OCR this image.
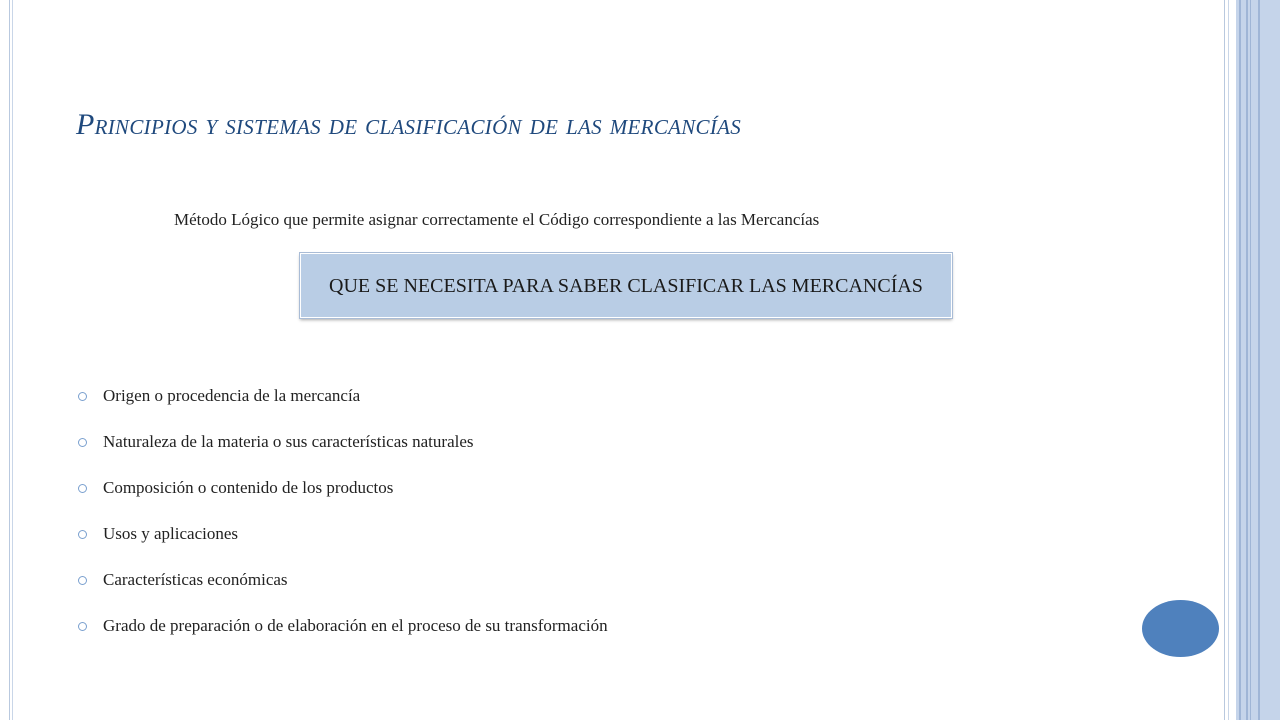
Principios y sistemas de clasificación de las mercancías
Método Lógico que permite asignar correctamente el Código correspondiente a las Mercancías
QUE SE NECESITA PARA SABER CLASIFICAR LAS MERCANCÍAS
Origen o procedencia de la mercancía
Naturaleza de la materia o sus características naturales
Composición o contenido de los productos
Usos y aplicaciones
Características económicas
Grado de preparación o de elaboración en el proceso de su transformación
